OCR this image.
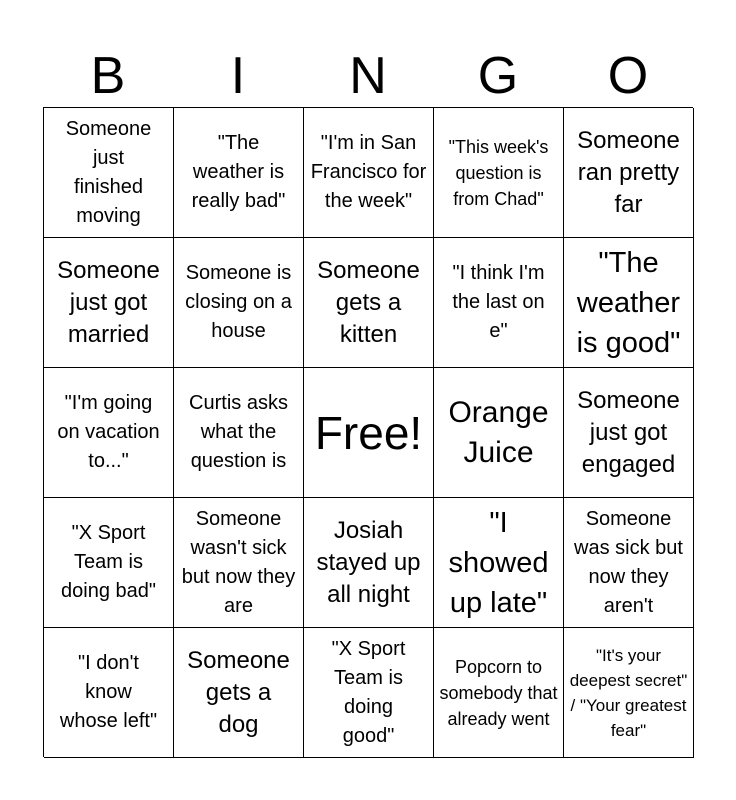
B	I	N	G	O
Someone just finished moving
"The weather is really bad"
"I'm in San Francisco for the week"
"This week's question is from Chad"
Someone ran pretty far
Someone just got married
Someone is closing on a house
Someone gets a kitten
"I think I'm the last on e"
"The weather is good"
"I'm going on vacation to..."
Curtis asks what the question is
Free! Orange Juice
Someone just got engaged
"X Sport Team is doing bad"
Someone wasn't sick but now they are
Josiah stayed up all night
"I showed up late"
Someone was sick but now they aren't
"I don't know whose left"
Someone gets a dog
"X Sport Team is doing good"
Popcorn to somebody that already went
"It's your deepest secret" / "Your greatest fear"
